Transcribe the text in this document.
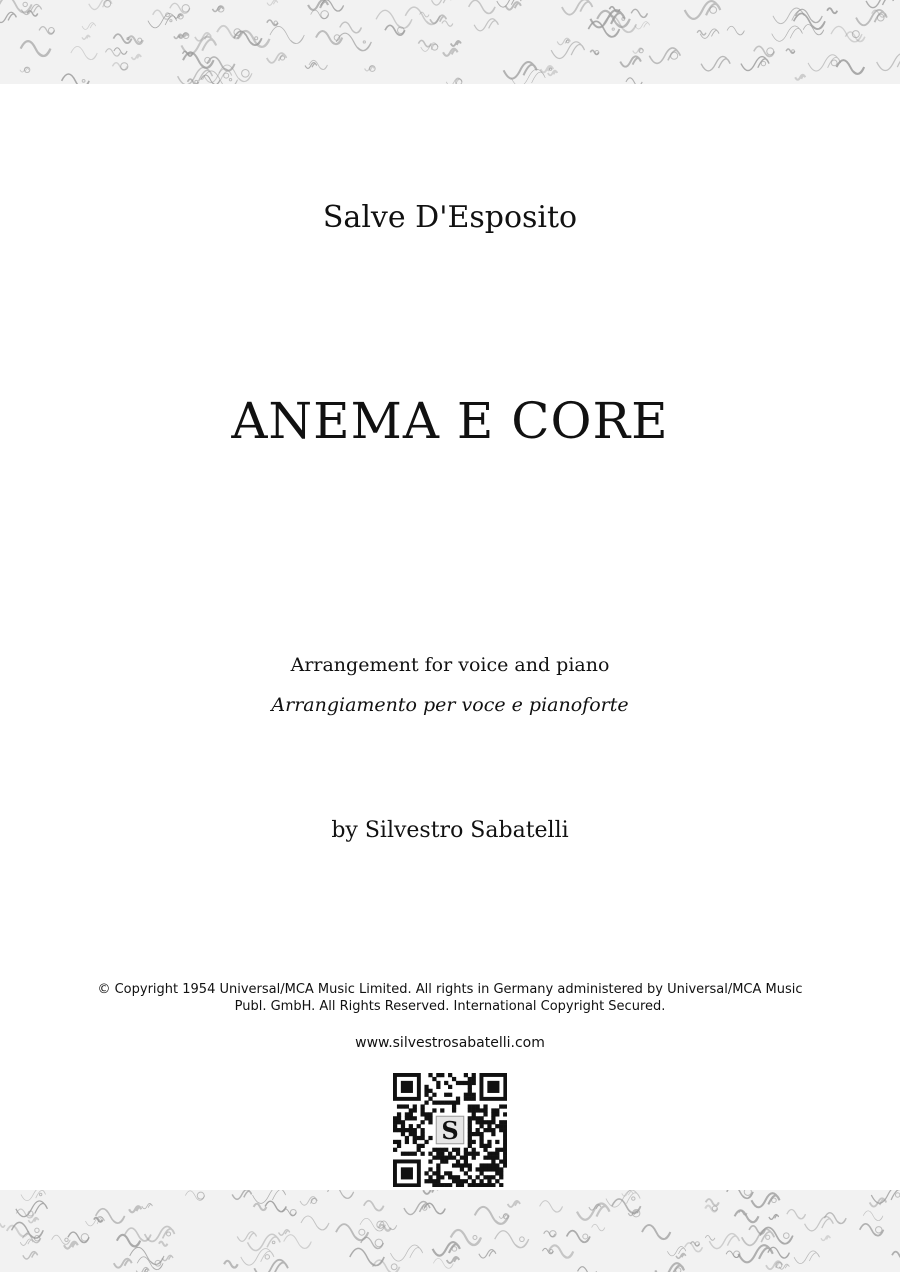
Salve D'Esposito
ANEMA E CORE
Arrangement for voice and piano
Arrangiamento per voce e pianoforte
by Silvestro Sabatelli
© Copyright 1954 Universal/MCA Music Limited. All rights in Germany administered by Universal/MCA Music
Publ. GmbH. All Rights Reserved. International Copyright Secured.
www.silvestrosabatelli.com
S
